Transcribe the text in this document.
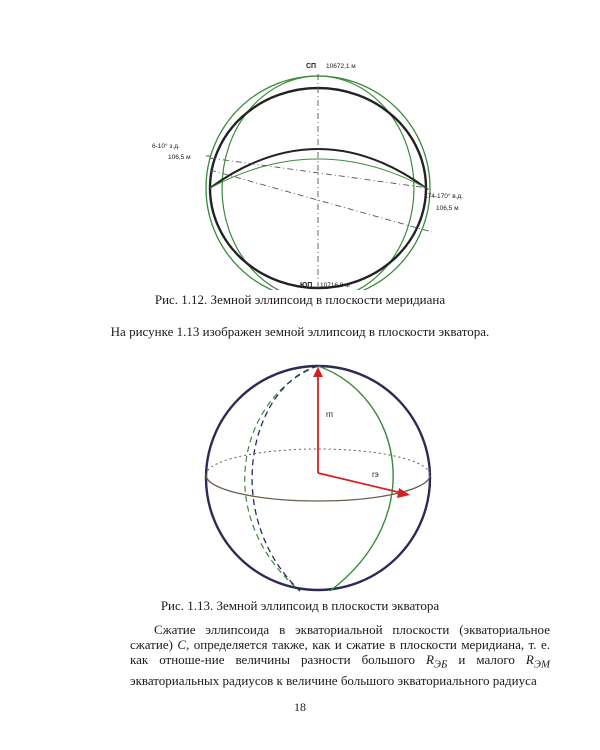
СП 10672,1 м
6-10° з.д.
106,5 м
174-170° в.д.
106,5 м
ЮП 10716,8 м
Рис. 1.12. Земной эллипсоид в плоскости меридиана
На рисунке 1.13 изображен земной эллипсоид в плоскости экватора.
rп
rэ
Рис. 1.13. Земной эллипсоид в плоскости экватора
Сжатие эллипсоида в экваториальной плоскости (экваториальное сжатие) С, определяется также, как и сжатие в плоскости меридиана, т. е. как отноше-ние величины разности большого $R_{ЭБ}$ и малого $R_{ЭМ}$ экваториальных радиусов к величине большого экваториального радиуса
18
